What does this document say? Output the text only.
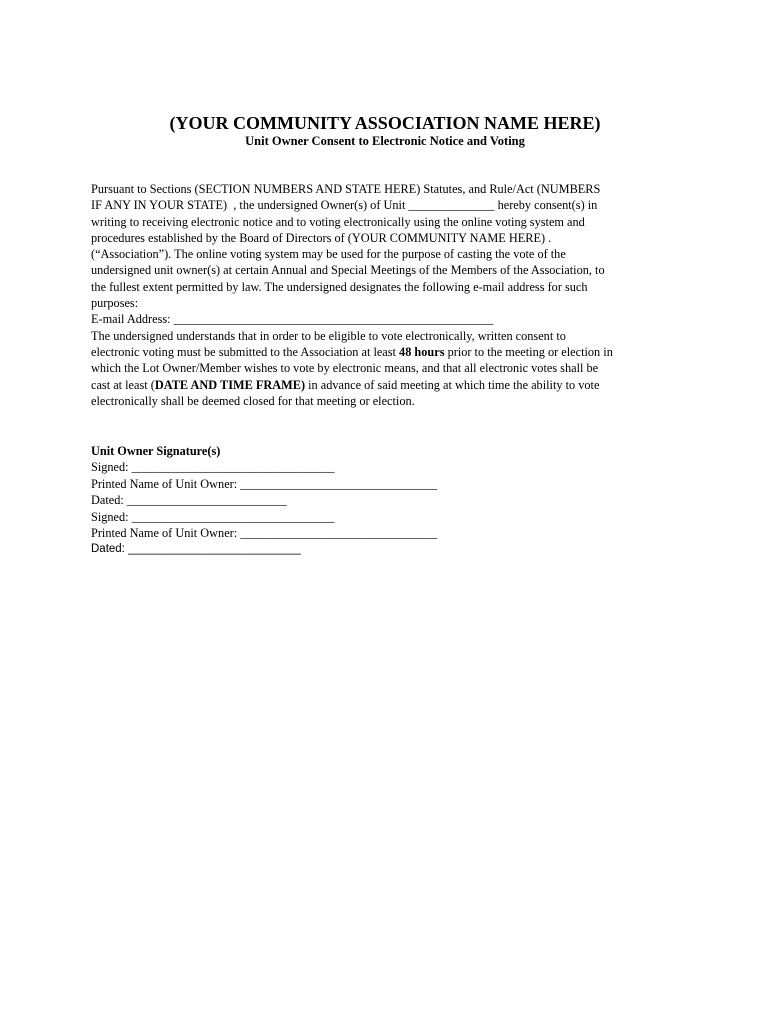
(YOUR COMMUNITY ASSOCIATION NAME HERE)
Unit Owner Consent to Electronic Notice and Voting
Pursuant to Sections (SECTION NUMBERS AND STATE HERE) Statutes, and Rule/Act (NUMBERS
IF ANY IN YOUR STATE)  , the undersigned Owner(s) of Unit ______________ hereby consent(s) in
writing to receiving electronic notice and to voting electronically using the online voting system and
procedures established by the Board of Directors of (YOUR COMMUNITY NAME HERE) .
(“Association”). The online voting system may be used for the purpose of casting the vote of the
undersigned unit owner(s) at certain Annual and Special Meetings of the Members of the Association, to
the fullest extent permitted by law. The undersigned designates the following e-mail address for such
purposes:
E-mail Address: ____________________________________________________
The undersigned understands that in order to be eligible to vote electronically, written consent to
electronic voting must be submitted to the Association at least 48 hours prior to the meeting or election in
which the Lot Owner/Member wishes to vote by electronic means, and that all electronic votes shall be
cast at least (DATE AND TIME FRAME) in advance of said meeting at which time the ability to vote
electronically shall be deemed closed for that meeting or election.
Unit Owner Signature(s)
Signed: _________________________________
Printed Name of Unit Owner: ________________________________
Dated: __________________________
Signed: _________________________________
Printed Name of Unit Owner: ________________________________
Dated: ___________________________
